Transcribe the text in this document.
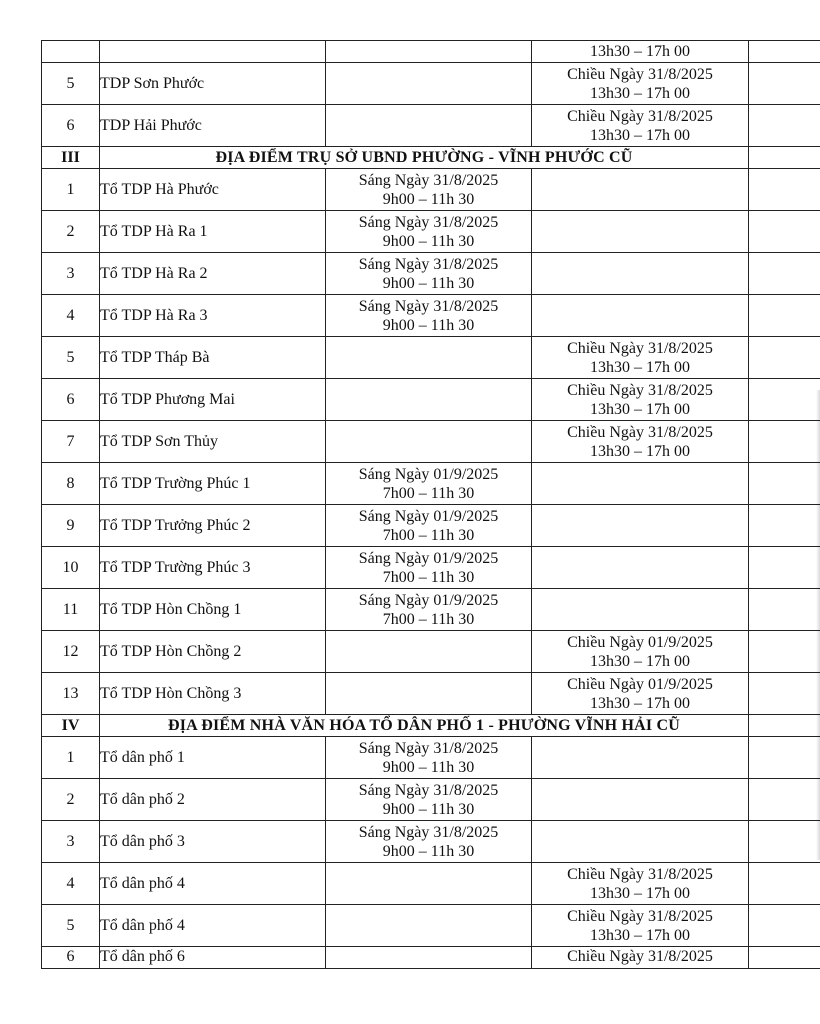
			13h30 – 17h 00	

5	TDP Sơn Phước		Chiều Ngày 31/8/2025
13h30 – 17h 00	

6	TDP Hải Phước		Chiều Ngày 31/8/2025
13h30 – 17h 00	

III	ĐỊA ĐIỂM TRỤ SỞ UBND PHƯỜNG - VĨNH PHƯỚC CŨ			
1	Tổ TDP Hà Phước	Sáng Ngày 31/8/2025
9h00 – 11h 30		

2	Tổ TDP Hà Ra 1	Sáng Ngày 31/8/2025
9h00 – 11h 30		

3	Tổ TDP Hà Ra 2	Sáng Ngày 31/8/2025
9h00 – 11h 30		

4	Tổ TDP Hà Ra 3	Sáng Ngày 31/8/2025
9h00 – 11h 30		

5	Tổ TDP Tháp Bà		Chiều Ngày 31/8/2025
13h30 – 17h 00	

6	Tổ TDP Phương Mai		Chiều Ngày 31/8/2025
13h30 – 17h 00	

7	Tổ TDP Sơn Thủy		Chiều Ngày 31/8/2025
13h30 – 17h 00	

8	Tổ TDP Trường Phúc 1	Sáng Ngày 01/9/2025
7h00 – 11h 30		

9	Tổ TDP Trưởng Phúc 2	Sáng Ngày 01/9/2025
7h00 – 11h 30		

10	Tổ TDP Trường Phúc 3	Sáng Ngày 01/9/2025
7h00 – 11h 30		

11	Tổ TDP Hòn Chồng 1	Sáng Ngày 01/9/2025
7h00 – 11h 30		

12	Tổ TDP Hòn Chồng 2		Chiều Ngày 01/9/2025
13h30 – 17h 00	

13	Tổ TDP Hòn Chồng 3		Chiều Ngày 01/9/2025
13h30 – 17h 00	

IV	ĐỊA ĐIỂM NHÀ VĂN HÓA TỔ DÂN PHỐ 1 - PHƯỜNG VĨNH HẢI CŨ			
1	Tổ dân phố 1	Sáng Ngày 31/8/2025
9h00 – 11h 30		

2	Tổ dân phố 2	Sáng Ngày 31/8/2025
9h00 – 11h 30		

3	Tổ dân phố 3	Sáng Ngày 31/8/2025
9h00 – 11h 30		

4	Tổ dân phố 4		Chiều Ngày 31/8/2025
13h30 – 17h 00	

5	Tổ dân phố 4		Chiều Ngày 31/8/2025
13h30 – 17h 00	

6	Tổ dân phố 6		Chiều Ngày 31/8/2025	
